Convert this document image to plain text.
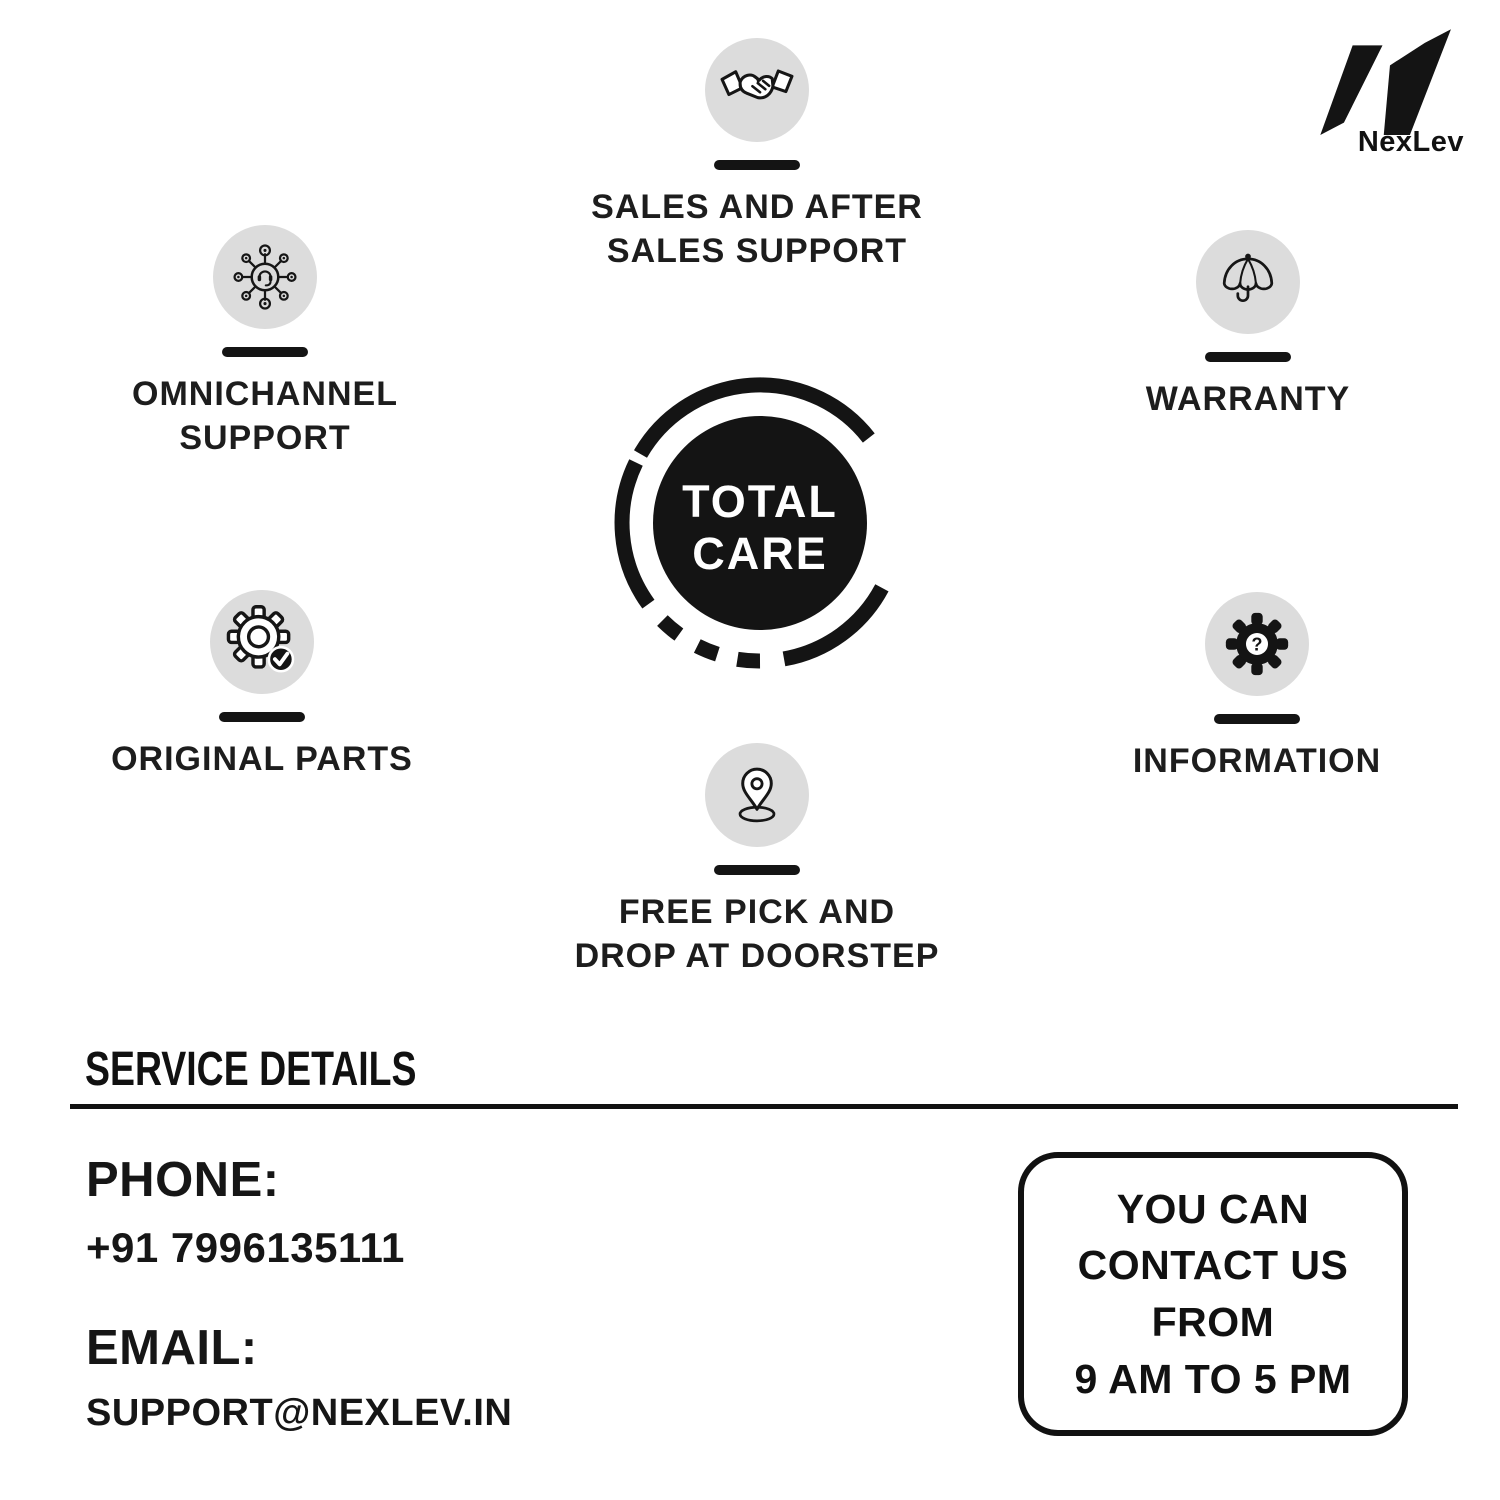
NexLev
SALES AND AFTER
SALES SUPPORT
OMNICHANNEL
SUPPORT
WARRANTY
ORIGINAL PARTS
?
INFORMATION
FREE PICK AND
DROP AT DOORSTEP
TOTAL
CARE
SERVICE DETAILS
PHONE:
+91 7996135111
EMAIL:
SUPPORT@NEXLEV.IN
YOU CAN
CONTACT US
FROM
9 AM TO 5 PM
